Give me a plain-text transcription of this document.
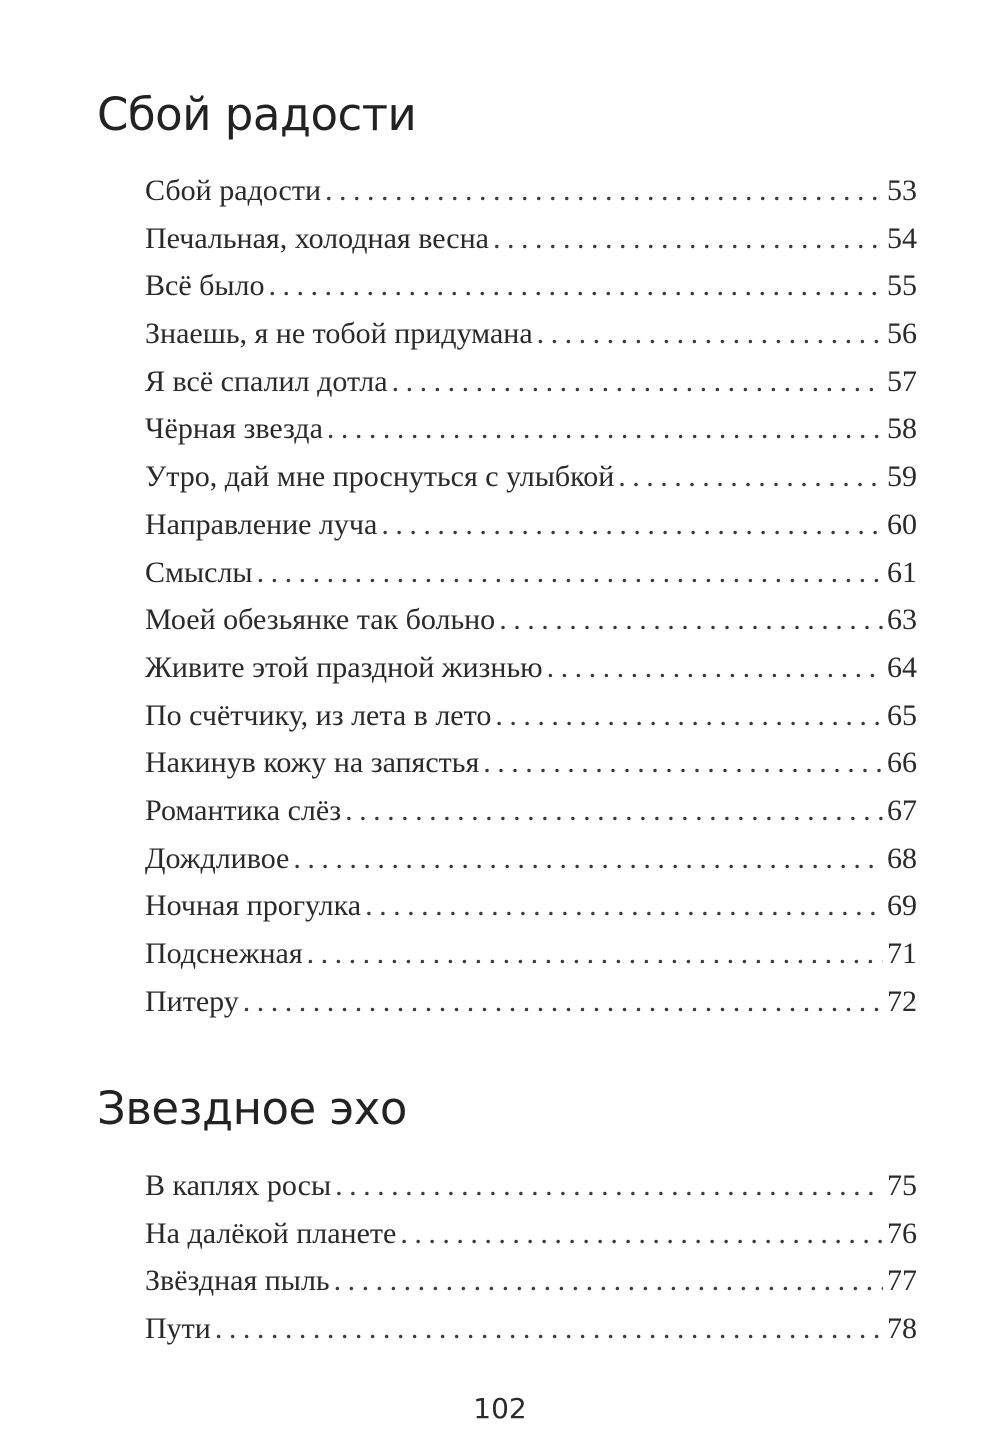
Сбой радости
Сбой радости . . .	53
Печальная, холодная весна . . .	54
Всё было . . .	55
Знаешь, я не тобой придумана . . .	56
Я всё спалил дотла . . .	57
Чёрная звезда . . .	58
Утро, дай мне проснуться с улыбкой . . .	59
Направление луча . . .	60
Смыслы . . .	61
Моей обезьянке так больно . . .	63
Живите этой праздной жизнью . . .	64
По счётчику, из лета в лето . . .	65
Накинув кожу на запястья . . .	66
Романтика слёз . . .	67
Дождливое . . .	68
Ночная прогулка . . .	69
Подснежная . . .	71
Питеру . . .	72
Звездное эхо
В каплях росы . . .	75
На далёкой планете . . .	76
Звёздная пыль . . .	77
Пути . . .	78

102
